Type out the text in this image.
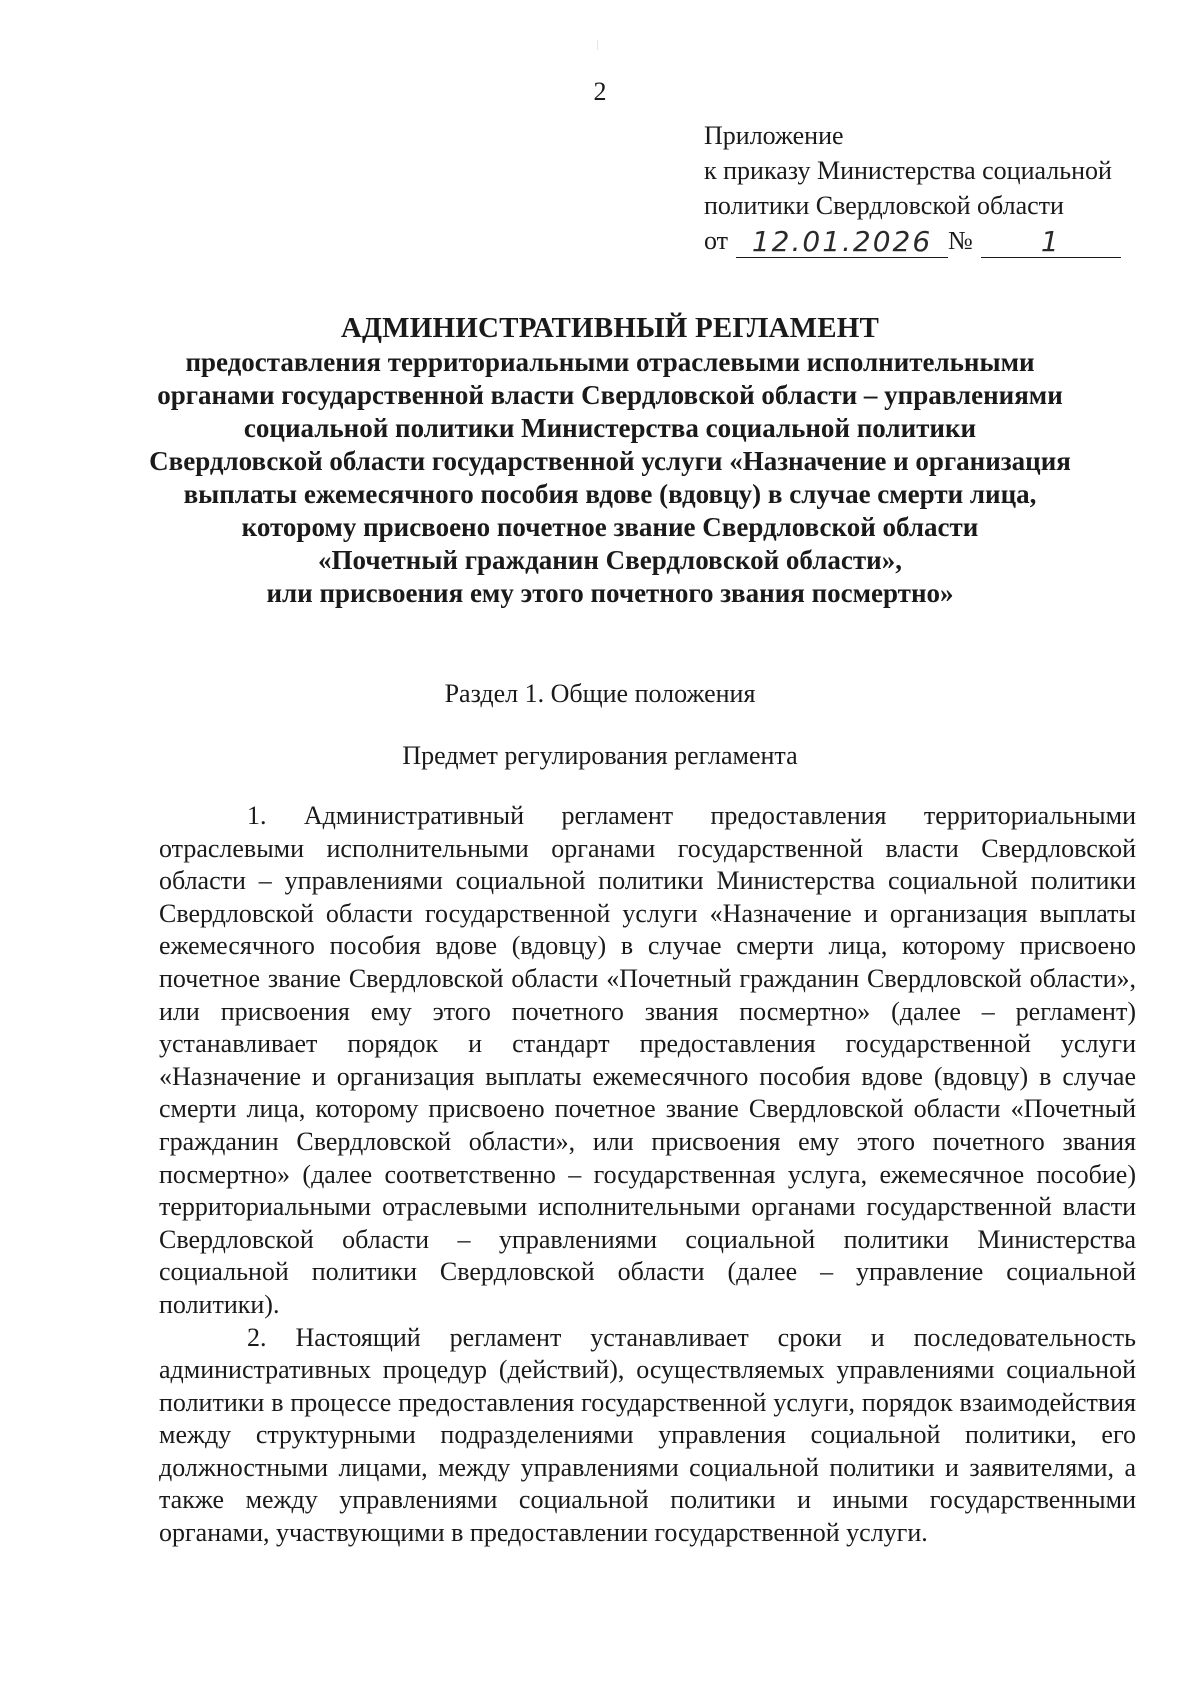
2
Приложение
к приказу Министерства социальной
политики Свердловской области
от 12.01.2026 №	1
АДМИНИСТРАТИВНЫЙ РЕГЛАМЕНТ
предоставления территориальными отраслевыми исполнительными
органами государственной власти Свердловской области – управлениями
социальной политики Министерства социальной политики
Свердловской области государственной услуги «Назначение и организация
выплаты ежемесячного пособия вдове (вдовцу) в случае смерти лица,
которому присвоено почетное звание Свердловской области
«Почетный гражданин Свердловской области»,
или присвоения ему этого почетного звания посмертно»
Раздел 1. Общие положения
Предмет регулирования регламента

1. Административный регламент предоставления территориальными отраслевыми исполнительными органами государственной власти Свердловской области – управлениями социальной политики Министерства социальной политики Свердловской области государственной услуги «Назначение и организация выплаты ежемесячного пособия вдове (вдовцу) в случае смерти лица, которому присвоено почетное звание Свердловской области «Почетный гражданин Свердловской области», или присвоения ему этого почетного звания посмертно» (далее – регламент) устанавливает порядок и стандарт предоставления государственной услуги «Назначение и организация выплаты ежемесячного пособия вдове (вдовцу) в случае смерти лица, которому присвоено почетное звание Свердловской области «Почетный гражданин Свердловской области», или присвоения ему этого почетного звания посмертно» (далее соответственно – государственная услуга, ежемесячное пособие) территориальными отраслевыми исполнительными органами государственной власти Свердловской области – управлениями социальной политики Министерства социальной политики Свердловской области (далее – управление социальной политики).

2. Настоящий регламент устанавливает сроки и последовательность административных процедур (действий), осуществляемых управлениями социальной политики в процессе предоставления государственной услуги, порядок взаимодействия между структурными подразделениями управления социальной политики, его должностными лицами, между управлениями социальной политики и заявителями, а также между управлениями социальной политики и иными государственными органами, участвующими в предоставлении государственной услуги.
